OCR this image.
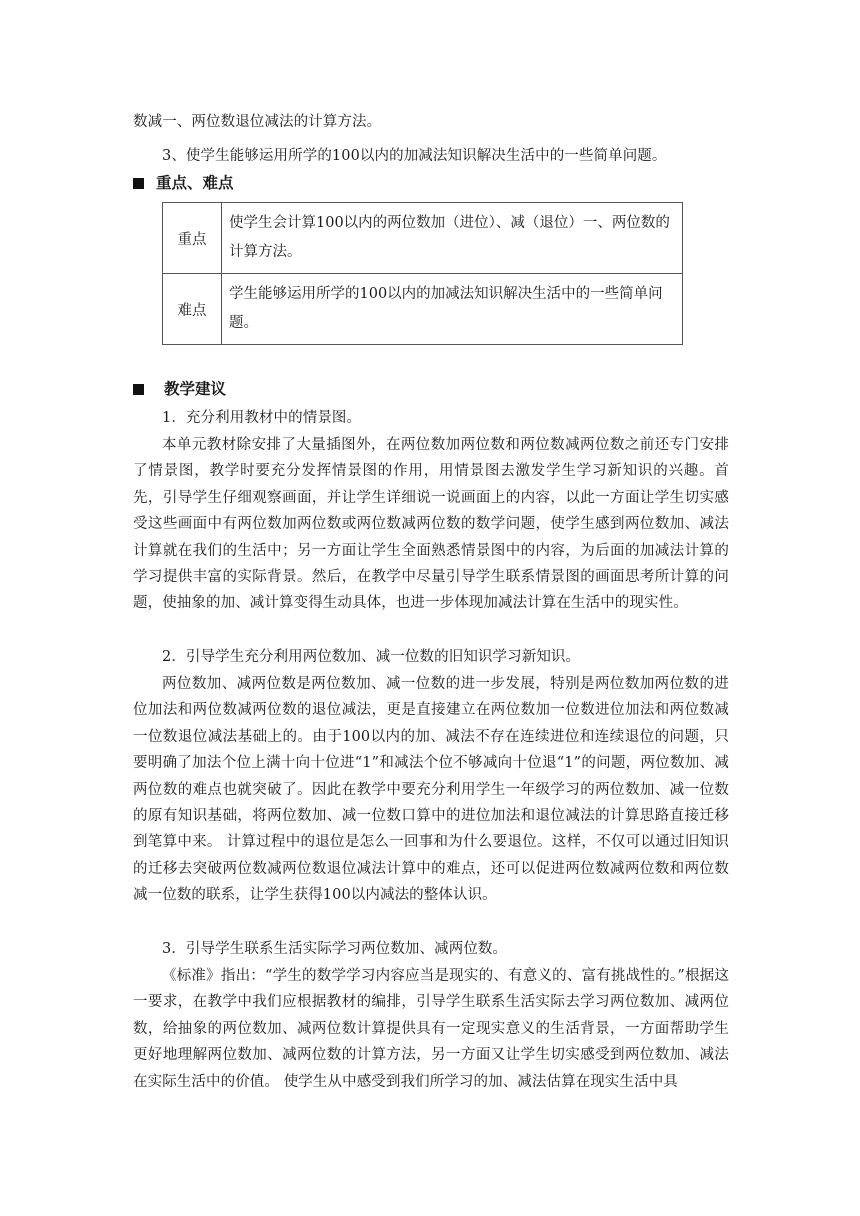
数减一、两位数退位减法的计算方法。

3、使学生能够运用所学的100以内的加减法知识解决生活中的一些简单问题。

重点、难点
重点	使学生会计算100以内的两位数加（进位）、减（退位）一、两位数的计算方法。
难点	学生能够运用所学的100以内的加减法知识解决生活中的一些简单问题。
教学建议

1．充分利用教材中的情景图。

本单元教材除安排了大量插图外，在两位数加两位数和两位数减两位数之前还专门安排了情景图，教学时要充分发挥情景图的作用，用情景图去激发学生学习新知识的兴趣。首先，引导学生仔细观察画面，并让学生详细说一说画面上的内容，以此一方面让学生切实感受这些画面中有两位数加两位数或两位数减两位数的数学问题，使学生感到两位数加、减法计算就在我们的生活中；另一方面让学生全面熟悉情景图中的内容，为后面的加减法计算的学习提供丰富的实际背景。然后，在教学中尽量引导学生联系情景图的画面思考所计算的问题，使抽象的加、减计算变得生动具体，也进一步体现加减法计算在生活中的现实性。

2．引导学生充分利用两位数加、减一位数的旧知识学习新知识。

两位数加、减两位数是两位数加、减一位数的进一步发展，特别是两位数加两位数的进位加法和两位数减两位数的退位减法，更是直接建立在两位数加一位数进位加法和两位数减一位数退位减法基础上的。由于100以内的加、减法不存在连续进位和连续退位的问题，只要明确了加法个位上满十向十位进“1”和减法个位不够减向十位退“1”的问题，两位数加、减两位数的难点也就突破了。因此在教学中要充分利用学生一年级学习的两位数加、减一位数的原有知识基础，将两位数加、减一位数口算中的进位加法和退位减法的计算思路直接迁移到笔算中来。 计算过程中的退位是怎么一回事和为什么要退位。这样，不仅可以通过旧知识的迁移去突破两位数减两位数退位减法计算中的难点，还可以促进两位数减两位数和两位数减一位数的联系，让学生获得100以内减法的整体认识。

3．引导学生联系生活实际学习两位数加、减两位数。

《标准》指出：“学生的数学学习内容应当是现实的、有意义的、富有挑战性的。”根据这一要求，在教学中我们应根据教材的编排，引导学生联系生活实际去学习两位数加、减两位数，给抽象的两位数加、减两位数计算提供具有一定现实意义的生活背景，一方面帮助学生更好地理解两位数加、减两位数的计算方法，另一方面又让学生切实感受到两位数加、减法在实际生活中的价值。 使学生从中感受到我们所学习的加、减法估算在现实生活中具
